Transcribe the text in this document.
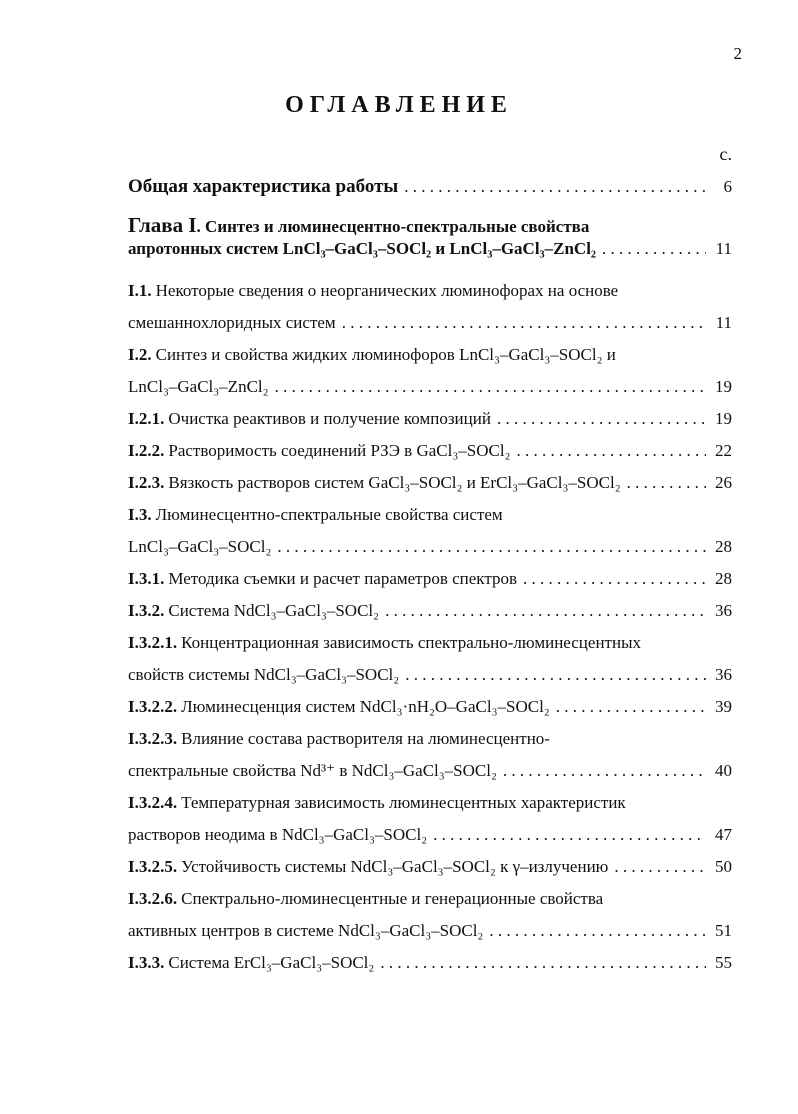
2
ОГЛАВЛЕНИЕ
с.
Общая характеристика работы . . .	6
Глава I. Синтез и люминесцентно-спектральные свойства
апротонных систем LnCl₃–GaCl₃–SOCl₂ и LnCl₃–GaCl₃–ZnCl₂ . . .	11
I.1. Некоторые сведения о неорганических люминофорах на основе
смешаннохлоридных систем . . .	11
I.2. Синтез и свойства жидких люминофоров LnCl₃–GaCl₃–SOCl₂ и
LnCl₃–GaCl₃–ZnCl₂ . . .	19
I.2.1. Очистка реактивов и получение композиций . . .	19
I.2.2. Растворимость соединений РЗЭ в GaCl₃–SOCl₂ . . .	22
I.2.3. Вязкость растворов систем GaCl₃–SOCl₂ и ErCl₃–GaCl₃–SOCl₂ . . .	26
I.3. Люминесцентно-спектральные свойства систем
LnCl₃–GaCl₃–SOCl₂ . . .	28
I.3.1. Методика съемки и расчет параметров спектров . . .	28
I.3.2. Система NdCl₃–GaCl₃–SOCl₂ . . .	36
I.3.2.1. Концентрационная зависимость спектрально-люминесцентных
свойств системы NdCl₃–GaCl₃–SOCl₂ . . .	36
I.3.2.2. Люминесценция систем NdCl₃·nH₂O–GaCl₃–SOCl₂ . . .	39
I.3.2.3. Влияние состава растворителя на люминесцентно-
спектральные свойства Nd³⁺ в NdCl₃–GaCl₃–SOCl₂ . . .	40
I.3.2.4. Температурная зависимость люминесцентных характеристик
растворов неодима в NdCl₃–GaCl₃–SOCl₂ . . .	47
I.3.2.5. Устойчивость системы NdCl₃–GaCl₃–SOCl₂ к γ–излучению . . .	50
I.3.2.6. Спектрально-люминесцентные и генерационные свойства
активных центров в системе NdCl₃–GaCl₃–SOCl₂ . . .	51
I.3.3. Система ErCl₃–GaCl₃–SOCl₂ . . .	55
